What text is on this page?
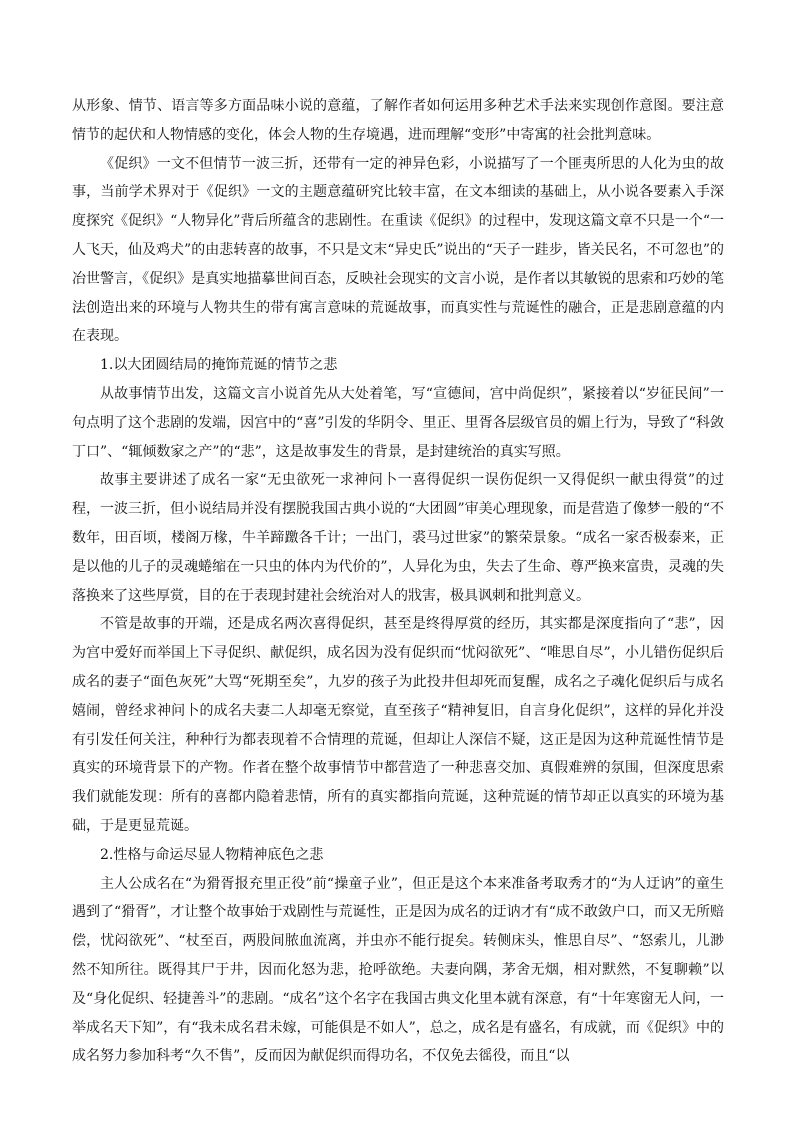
从形象、情节、语言等多方面品味小说的意蕴，了解作者如何运用多种艺术手法来实现创作意图。要注意情节的起伏和人物情感的变化，体会人物的生存境遇，进而理解“变形”中寄寓的社会批判意味。

《促织》一文不但情节一波三折，还带有一定的神异色彩，小说描写了一个匪夷所思的人化为虫的故事，当前学术界对于《促织》一文的主题意蕴研究比较丰富，在文本细读的基础上，从小说各要素入手深度探究《促织》“人物异化”背后所蕴含的悲剧性。在重读《促织》的过程中，发现这篇文章不只是一个“一人飞天，仙及鸡犬”的由悲转喜的故事，不只是文末“异史氏”说出的“天子一跬步，皆关民名，不可忽也”的冶世警言，《促织》是真实地描摹世间百态，反映社会现实的文言小说，是作者以其敏锐的思索和巧妙的笔法创造出来的环境与人物共生的带有寓言意味的荒诞故事，而真实性与荒诞性的融合，正是悲剧意蕴的内在表现。

1.以大团圆结局的掩饰荒诞的情节之悲

从故事情节出发，这篇文言小说首先从大处着笔，写“宣德间，宫中尚促织”，紧接着以“岁征民间”一句点明了这个悲剧的发端，因宫中的“喜”引发的华阴令、里正、里胥各层级官员的媚上行为，导致了“科敛丁口”、“辄倾数家之产”的“悲”，这是故事发生的背景，是封建统治的真实写照。

故事主要讲述了成名一家“无虫欲死一求神问卜一喜得促织一误伤促织一又得促织一献虫得赏”的过程，一波三折，但小说结局并没有摆脱我国古典小说的“大团圆”审美心理现象，而是营造了像梦一般的“不数年，田百顷，楼阁万椽，牛羊蹄躈各千计；一出门，裘马过世家”的繁荣景象。“成名一家否极泰来，正是以他的儿子的灵魂蜷缩在一只虫的体内为代价的”，人异化为虫，失去了生命、尊严换来富贵，灵魂的失落换来了这些厚赏，目的在于表现封建社会统治对人的戕害，极具讽刺和批判意义。

不管是故事的开端，还是成名两次喜得促织，甚至是终得厚赏的经历，其实都是深度指向了“悲”，因为宫中爱好而举国上下寻促织、献促织，成名因为没有促织而“忧闷欲死”、“唯思自尽”，小儿错伤促织后成名的妻子“面色灰死”大骂“死期至矣”，九岁的孩子为此投井但却死而复醒，成名之子魂化促织后与成名嬉闹，曾经求神问卜的成名夫妻二人却毫无察觉，直至孩子“精神复旧，自言身化促织”，这样的异化并没有引发任何关注，种种行为都表现着不合情理的荒诞，但却让人深信不疑，这正是因为这种荒诞性情节是真实的环境背景下的产物。作者在整个故事情节中都营造了一种悲喜交加、真假难辨的氛围，但深度思索我们就能发现：所有的喜都内隐着悲情，所有的真实都指向荒诞，这种荒诞的情节却正以真实的环境为基础，于是更显荒诞。

2.性格与命运尽显人物精神底色之悲

主人公成名在“为猾胥报充里正役”前“操童子业”，但正是这个本来准备考取秀才的“为人迂讷”的童生遇到了“猾胥”，才让整个故事始于戏剧性与荒诞性，正是因为成名的迂讷才有“成不敢敛户口，而又无所赔偿，忧闷欲死”、“杖至百，两股间脓血流离，并虫亦不能行捉矣。转侧床头，惟思自尽”、“怒索儿，儿渺然不知所往。既得其尸于井，因而化怒为悲，抢呼欲绝。夫妻向隅，茅舍无烟，相对默然，不复聊赖”以及“身化促织、轻捷善斗”的悲剧。“成名”这个名字在我国古典文化里本就有深意，有“十年寒窗无人问，一举成名天下知”，有“我未成名君未嫁，可能俱是不如人”，总之，成名是有盛名，有成就，而《促织》中的成名努力参加科考“久不售”，反而因为献促织而得功名，不仅免去徭役，而且“以
